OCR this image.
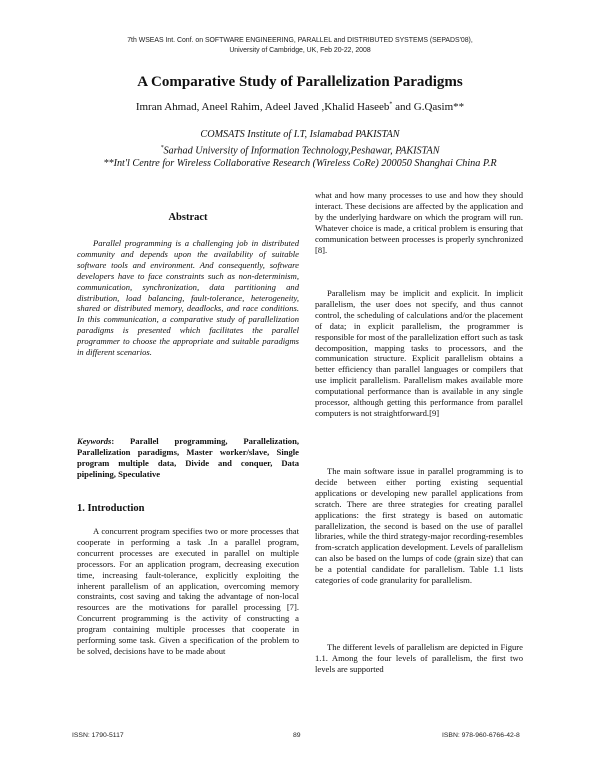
7th WSEAS Int. Conf. on SOFTWARE ENGINEERING, PARALLEL and DISTRIBUTED SYSTEMS (SEPADS'08),
University of Cambridge, UK, Feb 20-22, 2008
A Comparative Study of Parallelization Paradigms
Imran Ahmad, Aneel Rahim, Adeel Javed ,Khalid Haseeb* and G.Qasim**
COMSATS Institute of I.T, Islamabad PAKISTAN
*Sarhad University of Information Technology,Peshawar, PAKISTAN
**Int'l Centre for Wireless Collaborative Research (Wireless CoRe) 200050 Shanghai China P.R
Abstract
Parallel programming is a challenging job in distributed community and depends upon the availability of suitable software tools and environment. And consequently, software developers have to face constraints such as non-determinism, communication, synchronization, data partitioning and distribution, load balancing, fault-tolerance, heterogeneity, shared or distributed memory, deadlocks, and race conditions. In this communication, a comparative study of parallelization paradigms is presented which facilitates the parallel programmer to choose the appropriate and suitable paradigms in different scenarios.
Keywords: Parallel programming, Parallelization, Parallelization paradigms, Master worker/slave, Single program multiple data, Divide and conquer, Data pipelining, Speculative
1. Introduction
A concurrent program specifies two or more processes that cooperate in performing a task .In a parallel program, concurrent processes are executed in parallel on multiple processors. For an application program, decreasing execution time, increasing fault-tolerance, explicitly exploiting the inherent parallelism of an application, overcoming memory constraints, cost saving and taking the advantage of non-local resources are the motivations for parallel processing [7]. Concurrent programming is the activity of constructing a program containing multiple processes that cooperate in performing some task. Given a specification of the problem to be solved, decisions have to be made about
what and how many processes to use and how they should interact. These decisions are affected by the application and by the underlying hardware on which the program will run. Whatever choice is made, a critical problem is ensuring that communication between processes is properly synchronized [8].
Parallelism may be implicit and explicit. In implicit parallelism, the user does not specify, and thus cannot control, the scheduling of calculations and/or the placement of data; in explicit parallelism, the programmer is responsible for most of the parallelization effort such as task decomposition, mapping tasks to processors, and the communication structure. Explicit parallelism obtains a better efficiency than parallel languages or compilers that use implicit parallelism. Parallelism makes available more computational performance than is available in any single processor, although getting this performance from parallel computers is not straightforward.[9]
The main software issue in parallel programming is to decide between either porting existing sequential applications or developing new parallel applications from scratch. There are three strategies for creating parallel applications: the first strategy is based on automatic parallelization, the second is based on the use of parallel libraries, while the third strategy-major recording-resembles from-scratch application development. Levels of parallelism can also be based on the lumps of code (grain size) that can be a potential candidate for parallelism. Table 1.1 lists categories of code granularity for parallelism.
The different levels of parallelism are depicted in Figure 1.1. Among the four levels of parallelism, the first two levels are supported
ISSN: 1790-5117	89	ISBN: 978-960-6766-42-8
